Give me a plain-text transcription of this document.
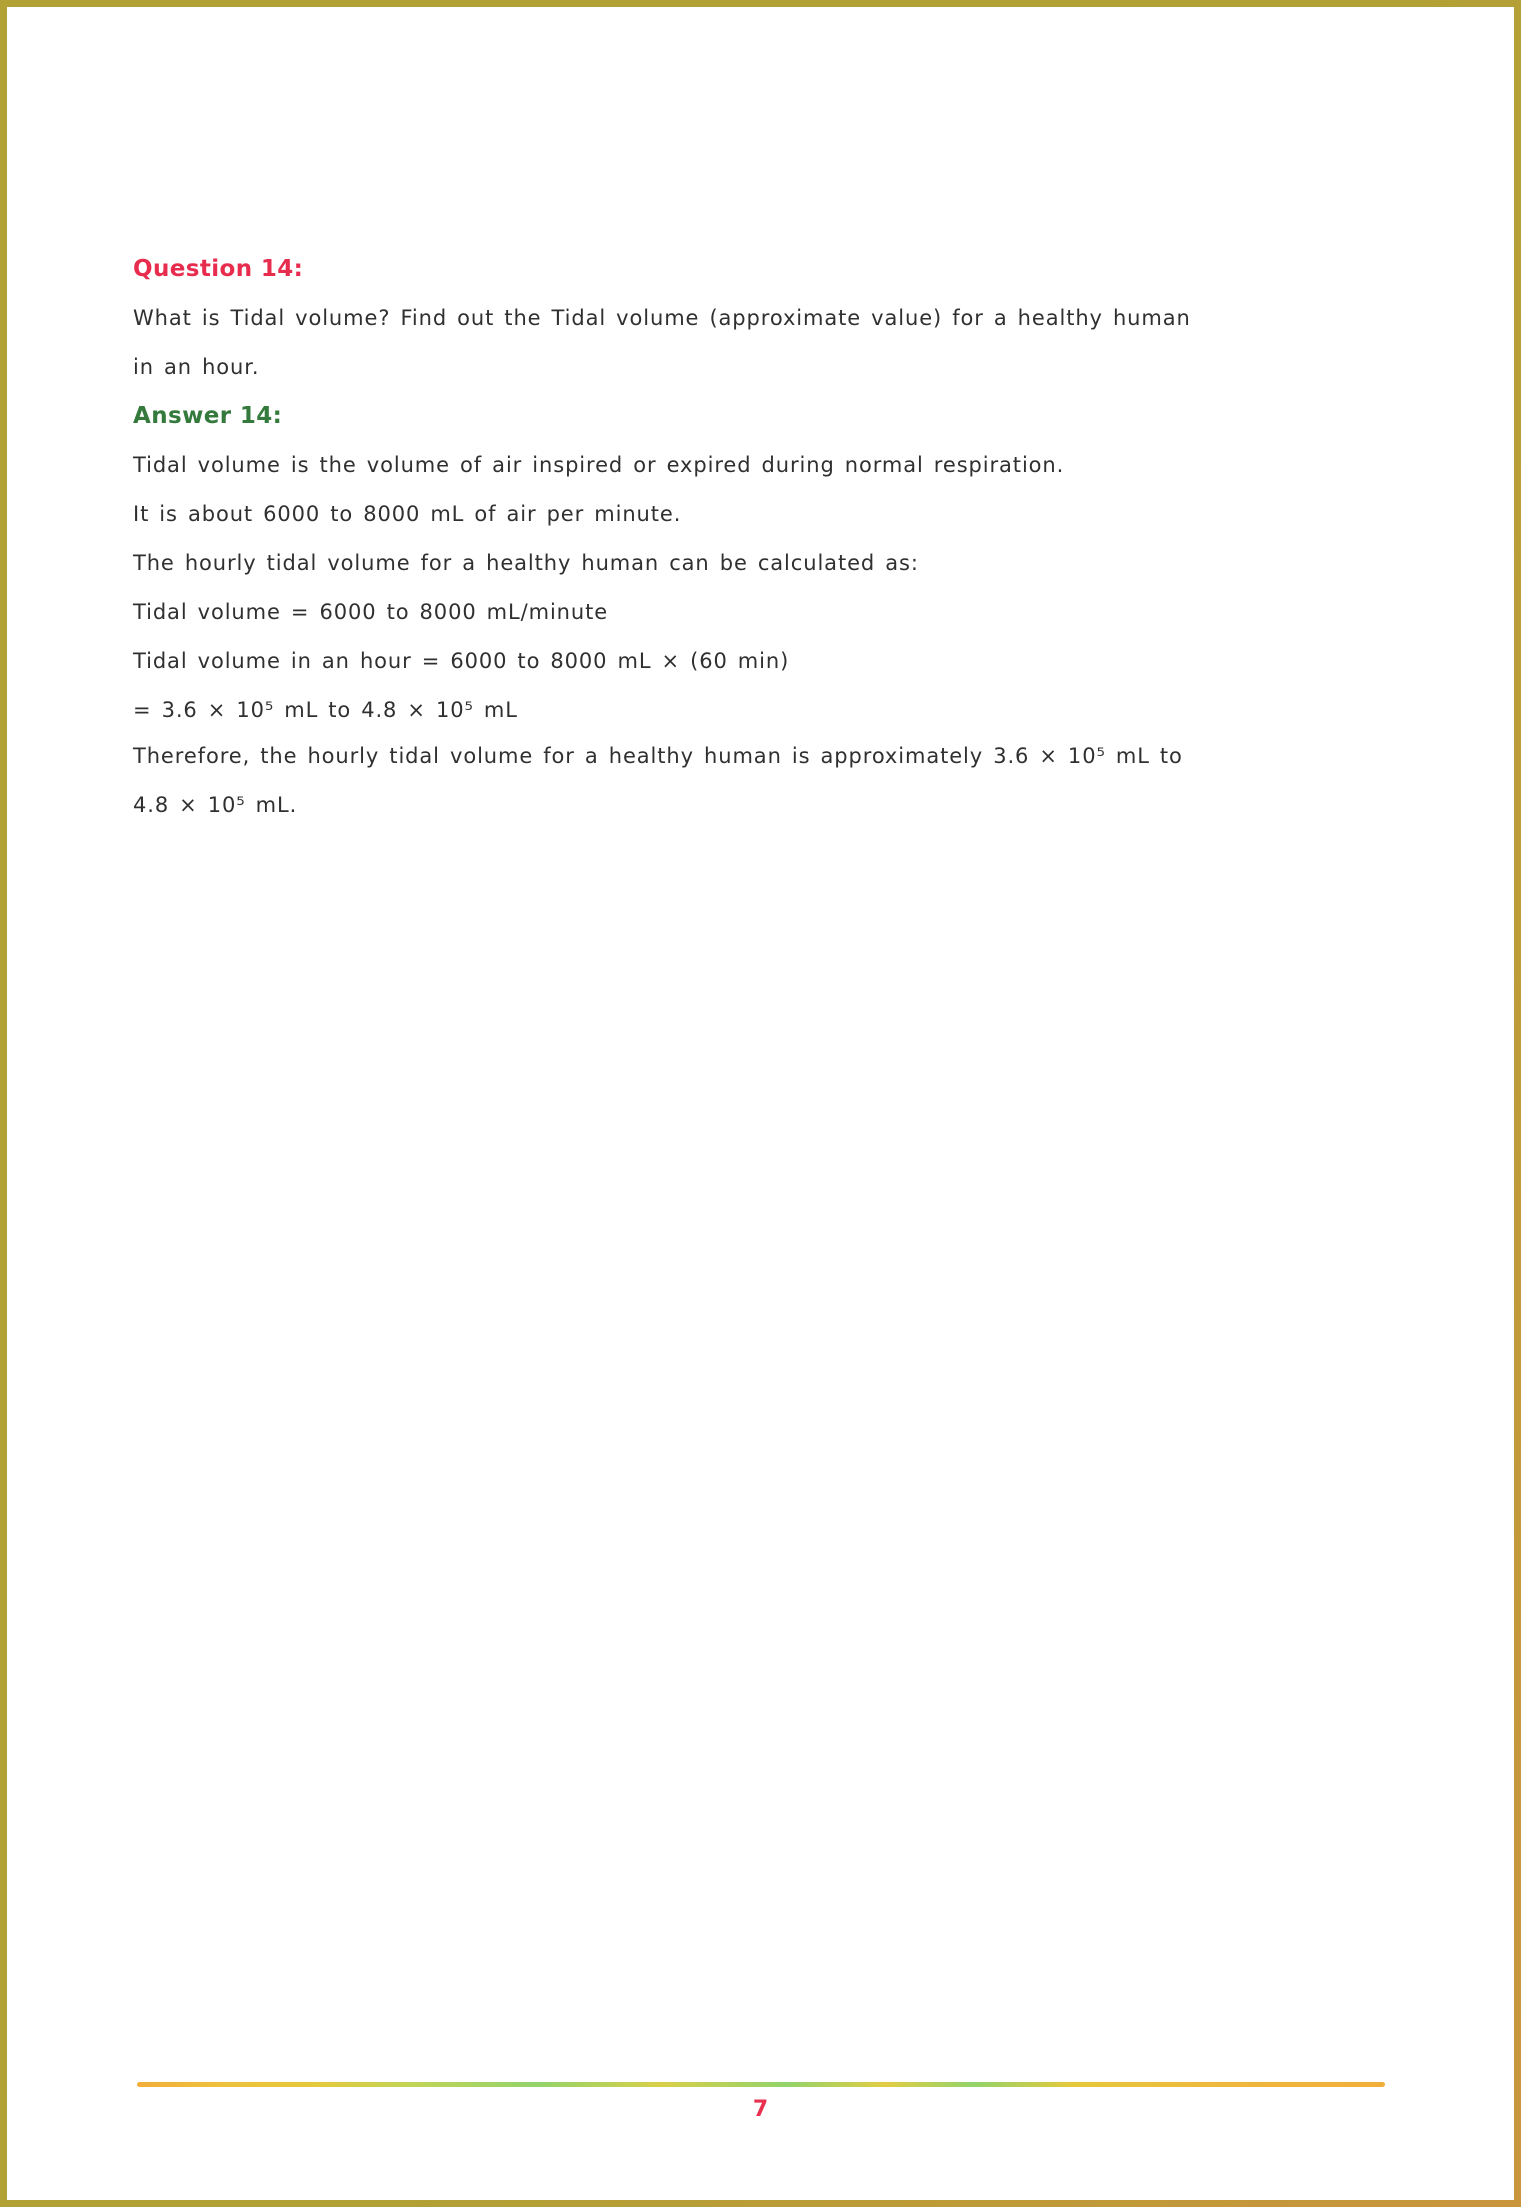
Question 14:

What is Tidal volume? Find out the Tidal volume (approximate value) for a healthy human

in an hour.

Answer 14:

Tidal volume is the volume of air inspired or expired during normal respiration.

It is about 6000 to 8000 mL of air per minute.

The hourly tidal volume for a healthy human can be calculated as:

Tidal volume = 6000 to 8000 mL/minute

Tidal volume in an hour = 6000 to 8000 mL × (60 min)

= 3.6 × 10⁵ mL to 4.8 × 10⁵ mL

Therefore, the hourly tidal volume for a healthy human is approximately 3.6 × 10⁵ mL to

4.8 × 10⁵ mL.

7
